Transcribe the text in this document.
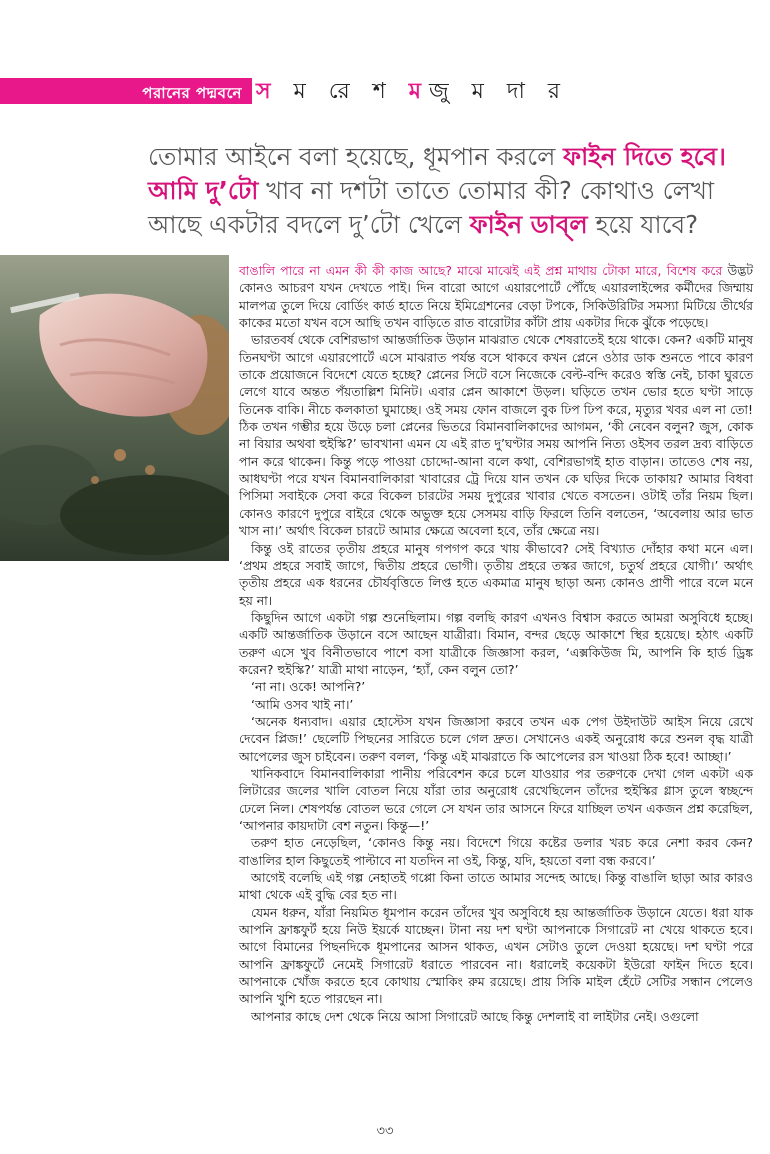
পরানের পদ্মবনে স ম রে শ মজু ম দা র
তোমার আইনে বলা হয়েছে, ধূমপান করলে ফাইন দিতে হবে। আমি দু’টো খাব না দশটা তাতে তোমার কী? কোথাও লেখা আছে একটার বদলে দু’টো খেলে ফাইন ডাব্‌ল হয়ে যাবে?

বাঙালি পারে না এমন কী কী কাজ আছে? মাঝে মাঝেই এই প্রশ্ন মাথায় টোকা মারে, বিশেষ করে উদ্ভট কোনও আচরণ যখন দেখতে পাই। দিন বারো আগে এয়ারপোর্টে পৌঁছে এয়ারলাইন্সের কর্মীদের জিম্মায় মালপত্র তুলে দিয়ে বোর্ডিং কার্ড হাতে নিয়ে ইমিগ্রেশনের বেড়া টপকে, সিকিউরিটির সমস্যা মিটিয়ে তীর্থের কাকের মতো যখন বসে আছি তখন বাড়িতে রাত বারোটার কাঁটা প্রায় একটার দিকে ঝুঁকে পড়েছে।

ভারতবর্ষ থেকে বেশিরভাগ আন্তর্জাতিক উড়ান মাঝরাত থেকে শেষরাতেই হয়ে থাকে। কেন? একটি মানুষ তিনঘণ্টা আগে এয়ারপোর্টে এসে মাঝরাত পর্যন্ত বসে থাকবে কখন প্লেনে ওঠার ডাক শুনতে পাবে কারণ তাকে প্রয়োজনে বিদেশে যেতে হচ্ছে? প্লেনের সিটে বসে নিজেকে বেল্ট-বন্দি করেও স্বস্তি নেই, চাকা ঘুরতে লেগে যাবে অন্তত পঁয়তাল্লিশ মিনিট। এবার প্লেন আকাশে উড়ল। ঘড়িতে তখন ভোর হতে ঘণ্টা সাড়ে তিনেক বাকি। নীচে কলকাতা ঘুমাচ্ছে। ওই সময় ফোন বাজলে বুক ঢিপ ঢিপ করে, মৃত্যুর খবর এল না তো! ঠিক তখন গম্ভীর হয়ে উড়ে চলা প্লেনের ভিতরে বিমানবালিকাদের আগমন, ‘কী নেবেন বলুন? জুস, কোক না বিয়ার অথবা হুইস্কি?’ ভাবখানা এমন যে এই রাত দু’ঘণ্টার সময় আপনি নিত্য ওইসব তরল দ্রব্য বাড়িতে পান করে থাকেন। কিন্তু পড়ে পাওয়া চোদ্দো-আনা বলে কথা, বেশিরভাগই হাত বাড়ান। তাতেও শেষ নয়, আধঘণ্টা পরে যখন বিমানবালিকারা খাবারের ট্রে দিয়ে যান তখন কে ঘড়ির দিকে তাকায়? আমার বিধবা পিসিমা সবাইকে সেবা করে বিকেল চারটের সময় দুপুরের খাবার খেতে বসতেন। ওটাই তাঁর নিয়ম ছিল। কোনও কারণে দুপুরে বাইরে থেকে অভুক্ত হয়ে সেসময় বাড়ি ফিরলে তিনি বলতেন, ‘অবেলায় আর ভাত খাস না।’ অর্থাৎ বিকেল চারটে আমার ক্ষেত্রে অবেলা হবে, তাঁর ক্ষেত্রে নয়।

কিন্তু ওই রাতের তৃতীয় প্রহরে মানুষ গপগপ করে খায় কীভাবে? সেই বিখ্যাত দোঁহার কথা মনে এল। ‘প্রথম প্রহরে সবাই জাগে, দ্বিতীয় প্রহরে ভোগী। তৃতীয় প্রহরে তস্কর জাগে, চতুর্থ প্রহরে যোগী।’ অর্থাৎ তৃতীয় প্রহরে এক ধরনের চৌর্যবৃত্তিতে লিপ্ত হতে একমাত্র মানুষ ছাড়া অন্য কোনও প্রাণী পারে বলে মনে হয় না।

কিছুদিন আগে একটা গল্প শুনেছিলাম। গল্প বলছি কারণ এখনও বিশ্বাস করতে আমরা অসুবিধে হচ্ছে। একটি আন্তর্জাতিক উড়ানে বসে আছেন যাত্রীরা। বিমান, বন্দর ছেড়ে আকাশে স্থির হয়েছে। হঠাৎ একটি তরুণ এসে খুব বিনীতভাবে পাশে বসা যাত্রীকে জিজ্ঞাসা করল, ‘এক্সকিউজ মি, আপনি কি হার্ড ড্রিঙ্ক করেন? হুইস্কি?’ যাত্রী মাথা নাড়েন, ‘হ্যাঁ, কেন বলুন তো?’

‘না না। ওকে! আপনি?’

‘আমি ওসব খাই না।’

‘অনেক ধন্যবাদ। এয়ার হোস্টেস যখন জিজ্ঞাসা করবে তখন এক পেগ উইদাউট আইস নিয়ে রেখে দেবেন প্লিজ!’ ছেলেটি পিছনের সারিতে চলে গেল দ্রুত। সেখানেও একই অনুরোধ করে শুনল বৃদ্ধ যাত্রী আপেলের জুস চাইবেন। তরুণ বলল, ‘কিন্তু এই মাঝরাতে কি আপেলের রস খাওয়া ঠিক হবে! আচ্ছা।’

খানিকবাদে বিমানবালিকারা পানীয় পরিবেশন করে চলে যাওয়ার পর তরুণকে দেখা গেল একটা এক লিটারের জলের খালি বোতল নিয়ে যাঁরা তার অনুরোধ রেখেছিলেন তাঁদের হুইস্কির গ্লাস তুলে স্বচ্ছন্দে ঢেলে নিল। শেষপর্যন্ত বোতল ভরে গেলে সে যখন তার আসনে ফিরে যাচ্ছিল তখন একজন প্রশ্ন করেছিল, ‘আপনার কায়দাটা বেশ নতুন। কিন্তু—!’

তরুণ হাত নেড়েছিল, ‘কোনও কিন্তু নয়। বিদেশে গিয়ে কষ্টের ডলার খরচ করে নেশা করব কেন? বাঙালির হাল কিছুতেই পাল্টাবে না যতদিন না ওই, কিন্তু, যদি, হয়তো বলা বন্ধ করবে।’

আগেই বলেছি এই গল্প নেহাতই গপ্পো কিনা তাতে আমার সন্দেহ আছে। কিন্তু বাঙালি ছাড়া আর কারও মাথা থেকে এই বুদ্ধি বের হত না।

যেমন ধরুন, যাঁরা নিয়মিত ধূমপান করেন তাঁদের খুব অসুবিধে হয় আন্তর্জাতিক উড়ানে যেতে। ধরা যাক আপনি ফ্রাঙ্কফুর্ট হয়ে নিউ ইয়র্কে যাচ্ছেন। টানা নয় দশ ঘণ্টা আপনাকে সিগারেট না খেয়ে থাকতে হবে। আগে বিমানের পিছনদিকে ধূমপানের আসন থাকত, এখন সেটাও তুলে দেওয়া হয়েছে। দশ ঘণ্টা পরে আপনি ফ্রাঙ্কফুর্টে নেমেই সিগারেট ধরাতে পারবেন না। ধরালেই কয়েকটা ইউরো ফাইন দিতে হবে। আপনাকে খোঁজ করতে হবে কোথায় স্মোকিং রুম রয়েছে। প্রায় সিকি মাইল হেঁটে সেটির সন্ধান পেলেও আপনি খুশি হতে পারছেন না।

আপনার কাছে দেশ থেকে নিয়ে আসা সিগারেট আছে কিন্তু দেশলাই বা লাইটার নেই। ওগুলো

৩৩
